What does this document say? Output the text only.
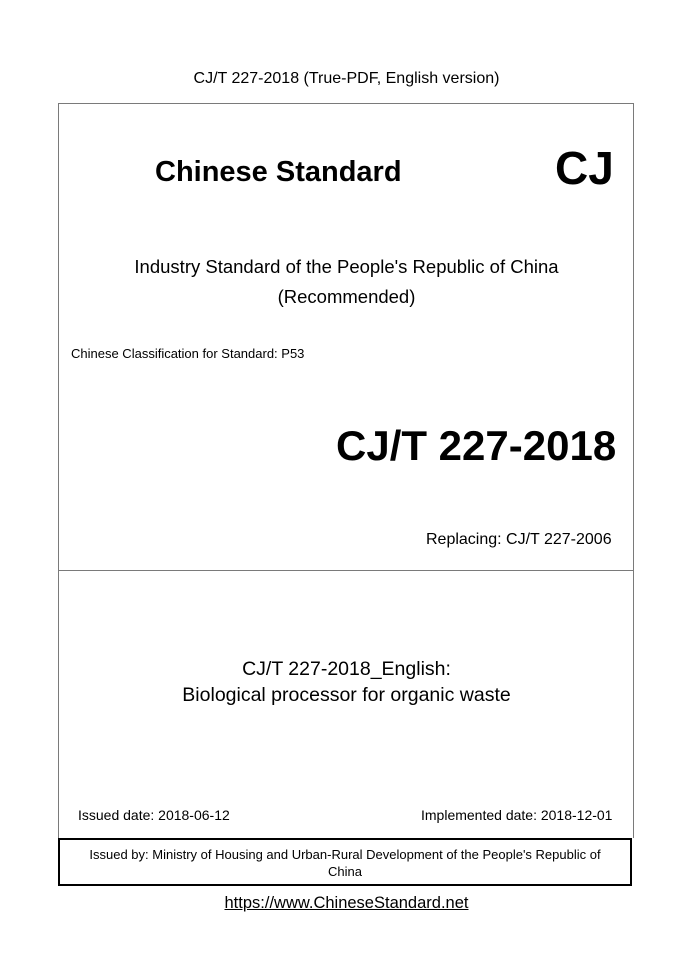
CJ/T 227-2018 (True-PDF, English version)
Chinese Standard	CJ
Industry Standard of the People's Republic of China
(Recommended)
Chinese Classification for Standard: P53
CJ/T 227-2018
Replacing: CJ/T 227-2006
CJ/T 227-2018_English:
Biological processor for organic waste
Issued date: 2018-06-12	Implemented date: 2018-12-01
Issued by: Ministry of Housing and Urban-Rural Development of the People's Republic of
China
https://www.ChineseStandard.net
